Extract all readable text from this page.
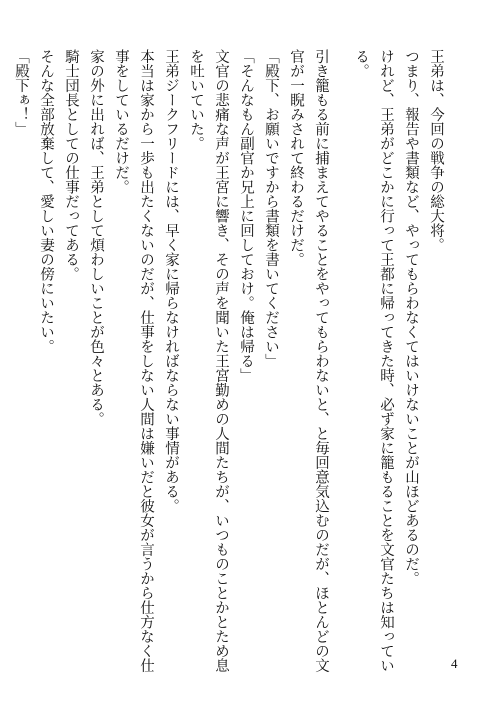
王弟は、今回の戦争の総大将。
つまり、報告や書類など、やってもらわなくてはいけないことが山ほどあるのだ。
けれど、王弟がどこかに行って王都に帰ってきた時、必ず家に籠もることを文官たちは知ってい
る。
引き籠もる前に捕まえてやることをやってもらわないと、と毎回意気込むのだが、ほとんどの文
官が一睨みされて終わるだけだ。
「殿下、お願いですから書類を書いてください」
「そんなもん副官か兄上に回しておけ。俺は帰る」
文官の悲痛な声が王宮に響き、その声を聞いた王宮勤めの人間たちが、いつものことかとため息
を吐いていた。
王弟ジークフリードには、早く家に帰らなければならない事情がある。
本当は家から一歩も出たくないのだが、仕事をしない人間は嫌いだと彼女が言うから仕方なく仕
事をしているだけだ。
家の外に出れば、王弟として煩わしいことが色々とある。
騎士団長としての仕事だってある。
そんな全部放棄して、愛しい妻の傍にいたい。
「殿下ぁ！」
4
